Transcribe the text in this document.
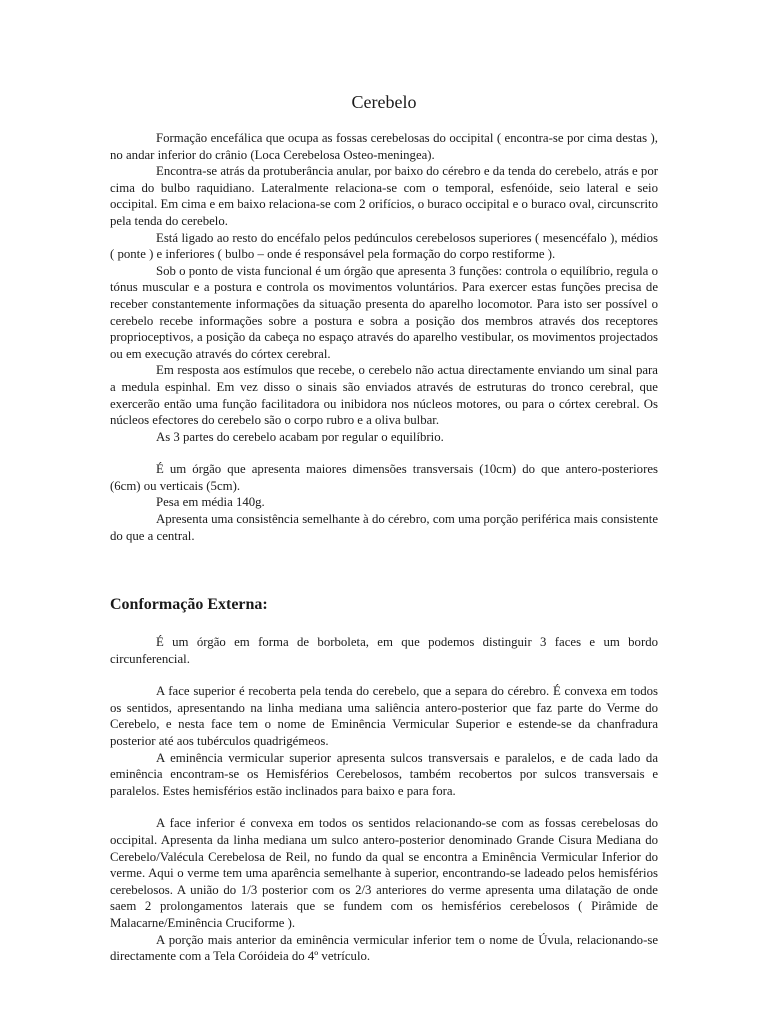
Cerebelo

Formação encefálica que ocupa as fossas cerebelosas do occipital ( encontra-se por cima destas ), no andar inferior do crânio (Loca Cerebelosa Osteo-meningea).

Encontra-se atrás da protuberância anular, por baixo do cérebro e da tenda do cerebelo, atrás e por cima do bulbo raquidiano. Lateralmente relaciona-se com o temporal, esfenóide, seio lateral e seio occipital. Em cima e em baixo relaciona-se com 2 orifícios, o buraco occipital e o buraco oval, circunscrito pela tenda do cerebelo.

Está ligado ao resto do encéfalo pelos pedúnculos cerebelosos superiores ( mesencéfalo ), médios ( ponte ) e inferiores ( bulbo – onde é responsável pela formação do corpo restiforme ).

Sob o ponto de vista funcional é um órgão que apresenta 3 funções: controla o equilíbrio, regula o tónus muscular e a postura e controla os movimentos voluntários. Para exercer estas funções precisa de receber constantemente informações da situação presenta do aparelho locomotor. Para isto ser possível o cerebelo recebe informações sobre a postura e sobra a posição dos membros através dos receptores proprioceptivos, a posição da cabeça no espaço através do aparelho vestibular, os movimentos projectados ou em execução através do córtex cerebral.

Em resposta aos estímulos que recebe, o cerebelo não actua directamente enviando um sinal para a medula espinhal. Em vez disso o sinais são enviados através de estruturas do tronco cerebral, que exercerão então uma função facilitadora ou inibidora nos núcleos motores, ou para o córtex cerebral. Os núcleos efectores do cerebelo são o corpo rubro e a oliva bulbar.

As 3 partes do cerebelo acabam por regular o equilíbrio.

É um órgão que apresenta maiores dimensões transversais (10cm) do que antero-posteriores (6cm) ou verticais (5cm).

Pesa em média 140g.

Apresenta uma consistência semelhante à do cérebro, com uma porção periférica mais consistente do que a central.

Conformação Externa:

É um órgão em forma de borboleta, em que podemos distinguir 3 faces e um bordo circunferencial.

A face superior é recoberta pela tenda do cerebelo, que a separa do cérebro. É convexa em todos os sentidos, apresentando na linha mediana uma saliência antero-posterior que faz parte do Verme do Cerebelo, e nesta face tem o nome de Eminência Vermicular Superior e estende-se da chanfradura posterior até aos tubérculos quadrigémeos.

A eminência vermicular superior apresenta sulcos transversais e paralelos, e de cada lado da eminência encontram-se os Hemisférios Cerebelosos, também recobertos por sulcos transversais e paralelos. Estes hemisférios estão inclinados para baixo e para fora.

A face inferior é convexa em todos os sentidos relacionando-se com as fossas cerebelosas do occipital. Apresenta da linha mediana um sulco antero-posterior denominado Grande Cisura Mediana do Cerebelo/Valécula Cerebelosa de Reil, no fundo da qual se encontra a Eminência Vermicular Inferior do verme. Aqui o verme tem uma aparência semelhante à superior, encontrando-se ladeado pelos hemisférios cerebelosos. A união do 1/3 posterior com os 2/3 anteriores do verme apresenta uma dilatação de onde saem 2 prolongamentos laterais que se fundem com os hemisférios cerebelosos ( Pirâmide de Malacarne/Eminência Cruciforme ).

A porção mais anterior da eminência vermicular inferior tem o nome de Úvula, relacionando-se directamente com a Tela Coróideia do 4º vetrículo.
